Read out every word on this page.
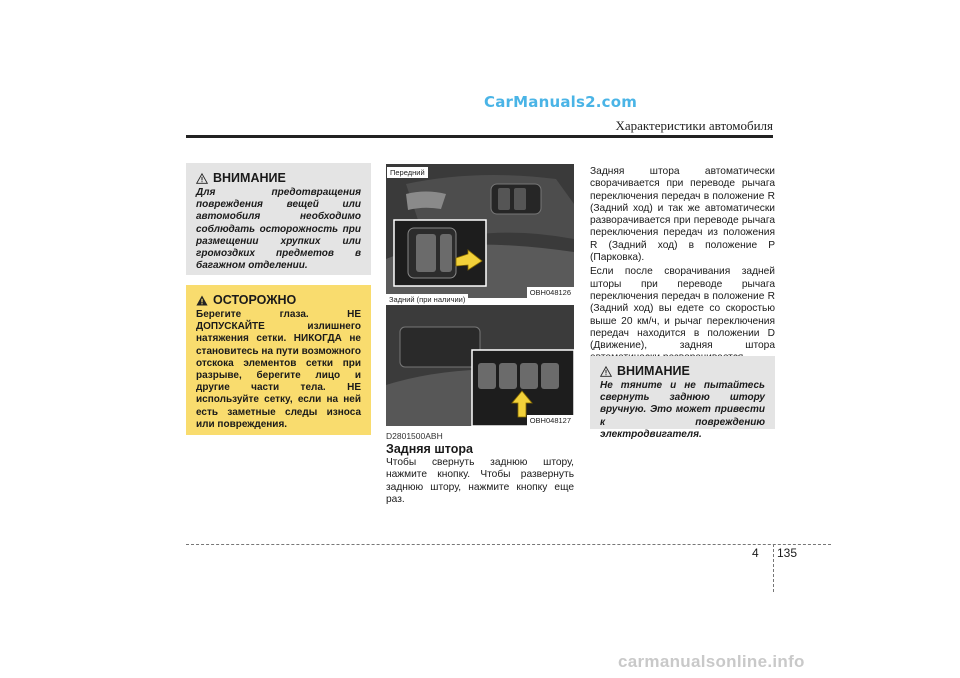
CarManuals2.com
Характеристики автомобиля
ВНИМАНИЕ
Для предотвращения повреждения вещей или автомобиля необходимо соблюдать осторожность при размещении хрупких или громоздких предметов в багажном отделении.
ОСТОРОЖНО
Берегите глаза. НЕ ДОПУСКАЙТЕ излишнего натяжения сетки. НИКОГДА не становитесь на пути возможного отскока элементов сетки при разрыве, берегите лицо и другие части тела. НЕ используйте сетку, если на ней есть заметные следы износа или повреждения.
Передний
OBH048126
Задний (при наличии)
OBH048127
D2801500ABH
Задняя штора
Чтобы свернуть заднюю штору, нажмите кнопку. Чтобы развернуть заднюю штору, нажмите кнопку еще раз.

Задняя штора автоматически сворачивается при переводе рычага переключения передач в положение R (Задний ход) и так же автоматически разворачивается при переводе рычага переключения передач из положения R (Задний ход) в положение P (Парковка).

Если после сворачивания задней шторы при переводе рычага переключения передач в положение R (Задний ход) вы едете со скоростью выше 20 км/ч, и рычаг переключения передач находится в положении D (Движение), задняя штора

ВНИМАНИЕ
Не тяните и не пытайтесь свернуть заднюю штору вручную. Это может привести к повреждению электродвигателя.
4 135
carmanualsonline.info
